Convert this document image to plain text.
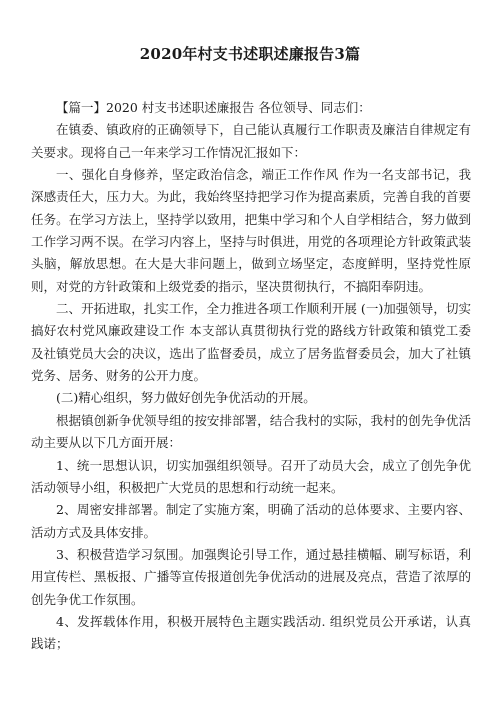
2020年村支书述职述廉报告3篇

【篇一】2020 村支书述职述廉报告 各位领导、同志们：

在镇委、镇政府的正确领导下，自己能认真履行工作职责及廉洁自律规定有关要求。现将自己一年来学习工作情况汇报如下：

一、强化自身修养，坚定政治信念，端正工作作风 作为一名支部书记，我深感责任大，压力大。为此，我始终坚持把学习作为提高素质，完善自我的首要任务。在学习方法上，坚持学以致用，把集中学习和个人自学相结合，努力做到工作学习两不误。在学习内容上，坚持与时俱进，用党的各项理论方针政策武装头脑，解放思想。在大是大非问题上，做到立场坚定，态度鲜明，坚持党性原则，对党的方针政策和上级党委的指示，坚决贯彻执行，不搞阳奉阴违。

二、开拓进取，扎实工作，全力推进各项工作顺利开展 (一)加强领导，切实搞好农村党风廉政建设工作 本支部认真贯彻执行党的路线方针政策和镇党工委及社镇党员大会的决议，选出了监督委员，成立了居务监督委员会，加大了社镇党务、居务、财务的公开力度。

(二)精心组织，努力做好创先争优活动的开展。

根据镇创新争优领导组的按安排部署，结合我村的实际，我村的创先争优活动主要从以下几方面开展：

1、统一思想认识，切实加强组织领导。召开了动员大会，成立了创先争优活动领导小组，积极把广大党员的思想和行动统一起来。

2、周密安排部署。制定了实施方案，明确了活动的总体要求、主要内容、活动方式及具体安排。

3、积极营造学习氛围。加强舆论引导工作，通过悬挂横幅、刷写标语，利用宣传栏、黑板报、广播等宣传报道创先争优活动的进展及亮点，营造了浓厚的创先争优工作氛围。

4、发挥载体作用，积极开展特色主题实践活动. 组织党员公开承诺，认真践诺；
